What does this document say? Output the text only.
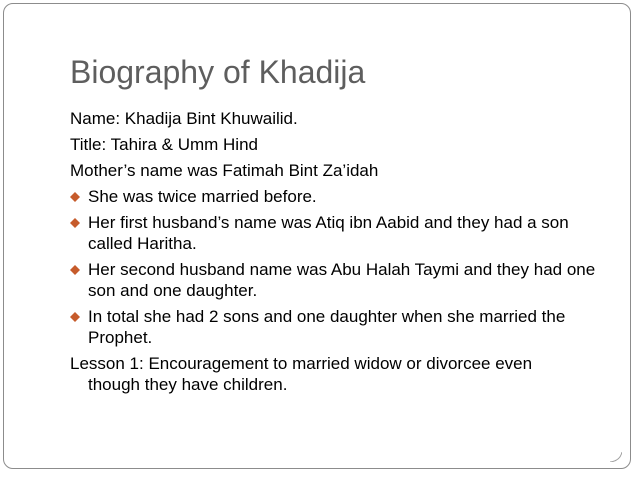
Biography of Khadija
Name: Khadija Bint Khuwailid.
Title: Tahira & Umm Hind
Mother’s name was Fatimah Bint Za’idah
She was twice married before.
Her first husband’s name was Atiq ibn Aabid and they had a son called Haritha.
Her second husband name was Abu Halah Taymi and they had one son and one daughter.
In total she had 2 sons and one daughter when she married the Prophet.
Lesson 1: Encouragement to married widow or divorcee even though they have children.
